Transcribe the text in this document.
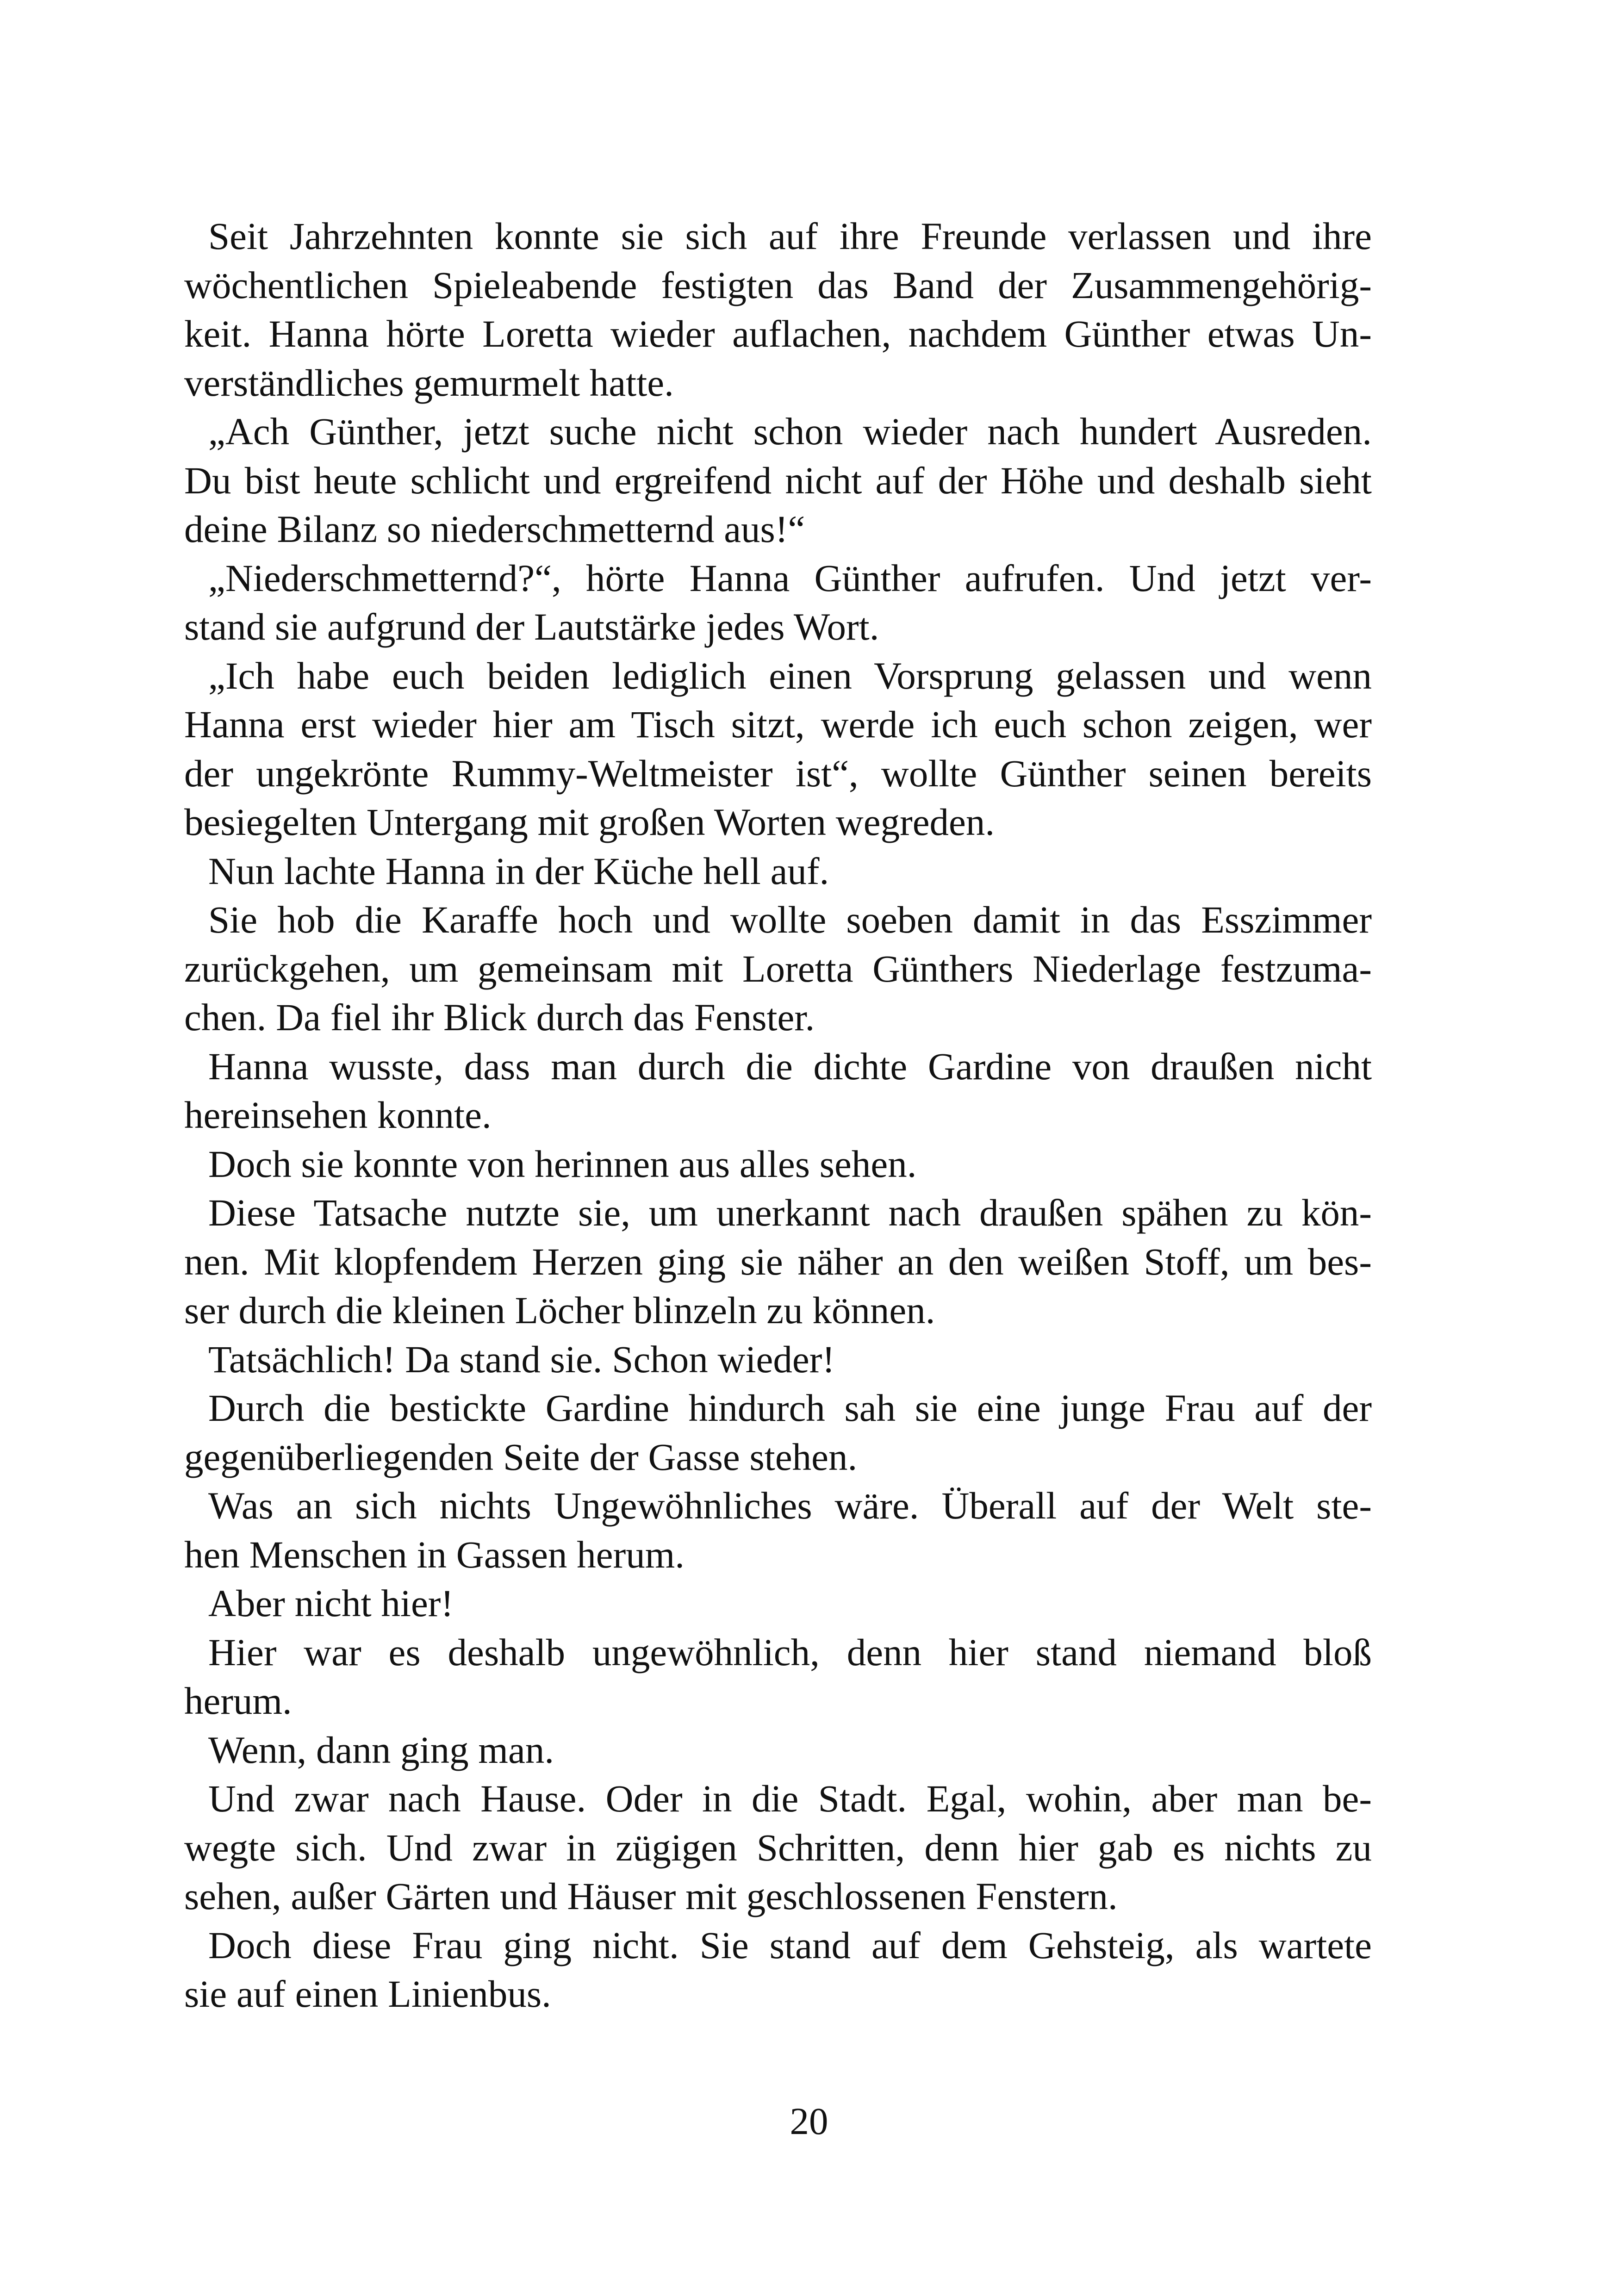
Seit Jahrzehnten konnte sie sich auf ihre Freunde verlassen und ihre
wöchentlichen Spieleabende festigten das Band der Zusammengehörig-
keit. Hanna hörte Loretta wieder auflachen, nachdem Günther etwas Un-
verständliches gemurmelt hatte.
„Ach Günther, jetzt suche nicht schon wieder nach hundert Ausreden.
Du bist heute schlicht und ergreifend nicht auf der Höhe und deshalb sieht
deine Bilanz so niederschmetternd aus!“
„Niederschmetternd?“, hörte Hanna Günther aufrufen. Und jetzt ver-
stand sie aufgrund der Lautstärke jedes Wort.
„Ich habe euch beiden lediglich einen Vorsprung gelassen und wenn
Hanna erst wieder hier am Tisch sitzt, werde ich euch schon zeigen, wer
der ungekrönte Rummy-Weltmeister ist“, wollte Günther seinen bereits
besiegelten Untergang mit großen Worten wegreden.
Nun lachte Hanna in der Küche hell auf.
Sie hob die Karaffe hoch und wollte soeben damit in das Esszimmer
zurückgehen, um gemeinsam mit Loretta Günthers Niederlage festzuma-
chen. Da fiel ihr Blick durch das Fenster.
Hanna wusste, dass man durch die dichte Gardine von draußen nicht
hereinsehen konnte.
Doch sie konnte von herinnen aus alles sehen.
Diese Tatsache nutzte sie, um unerkannt nach draußen spähen zu kön-
nen. Mit klopfendem Herzen ging sie näher an den weißen Stoff, um bes-
ser durch die kleinen Löcher blinzeln zu können.
Tatsächlich! Da stand sie. Schon wieder!
Durch die bestickte Gardine hindurch sah sie eine junge Frau auf der
gegenüberliegenden Seite der Gasse stehen.
Was an sich nichts Ungewöhnliches wäre. Überall auf der Welt ste-
hen Menschen in Gassen herum.
Aber nicht hier!
Hier war es deshalb ungewöhnlich, denn hier stand niemand bloß
herum.
Wenn, dann ging man.
Und zwar nach Hause. Oder in die Stadt. Egal, wohin, aber man be-
wegte sich. Und zwar in zügigen Schritten, denn hier gab es nichts zu
sehen, außer Gärten und Häuser mit geschlossenen Fenstern.
Doch diese Frau ging nicht. Sie stand auf dem Gehsteig, als wartete
sie auf einen Linienbus.
20
